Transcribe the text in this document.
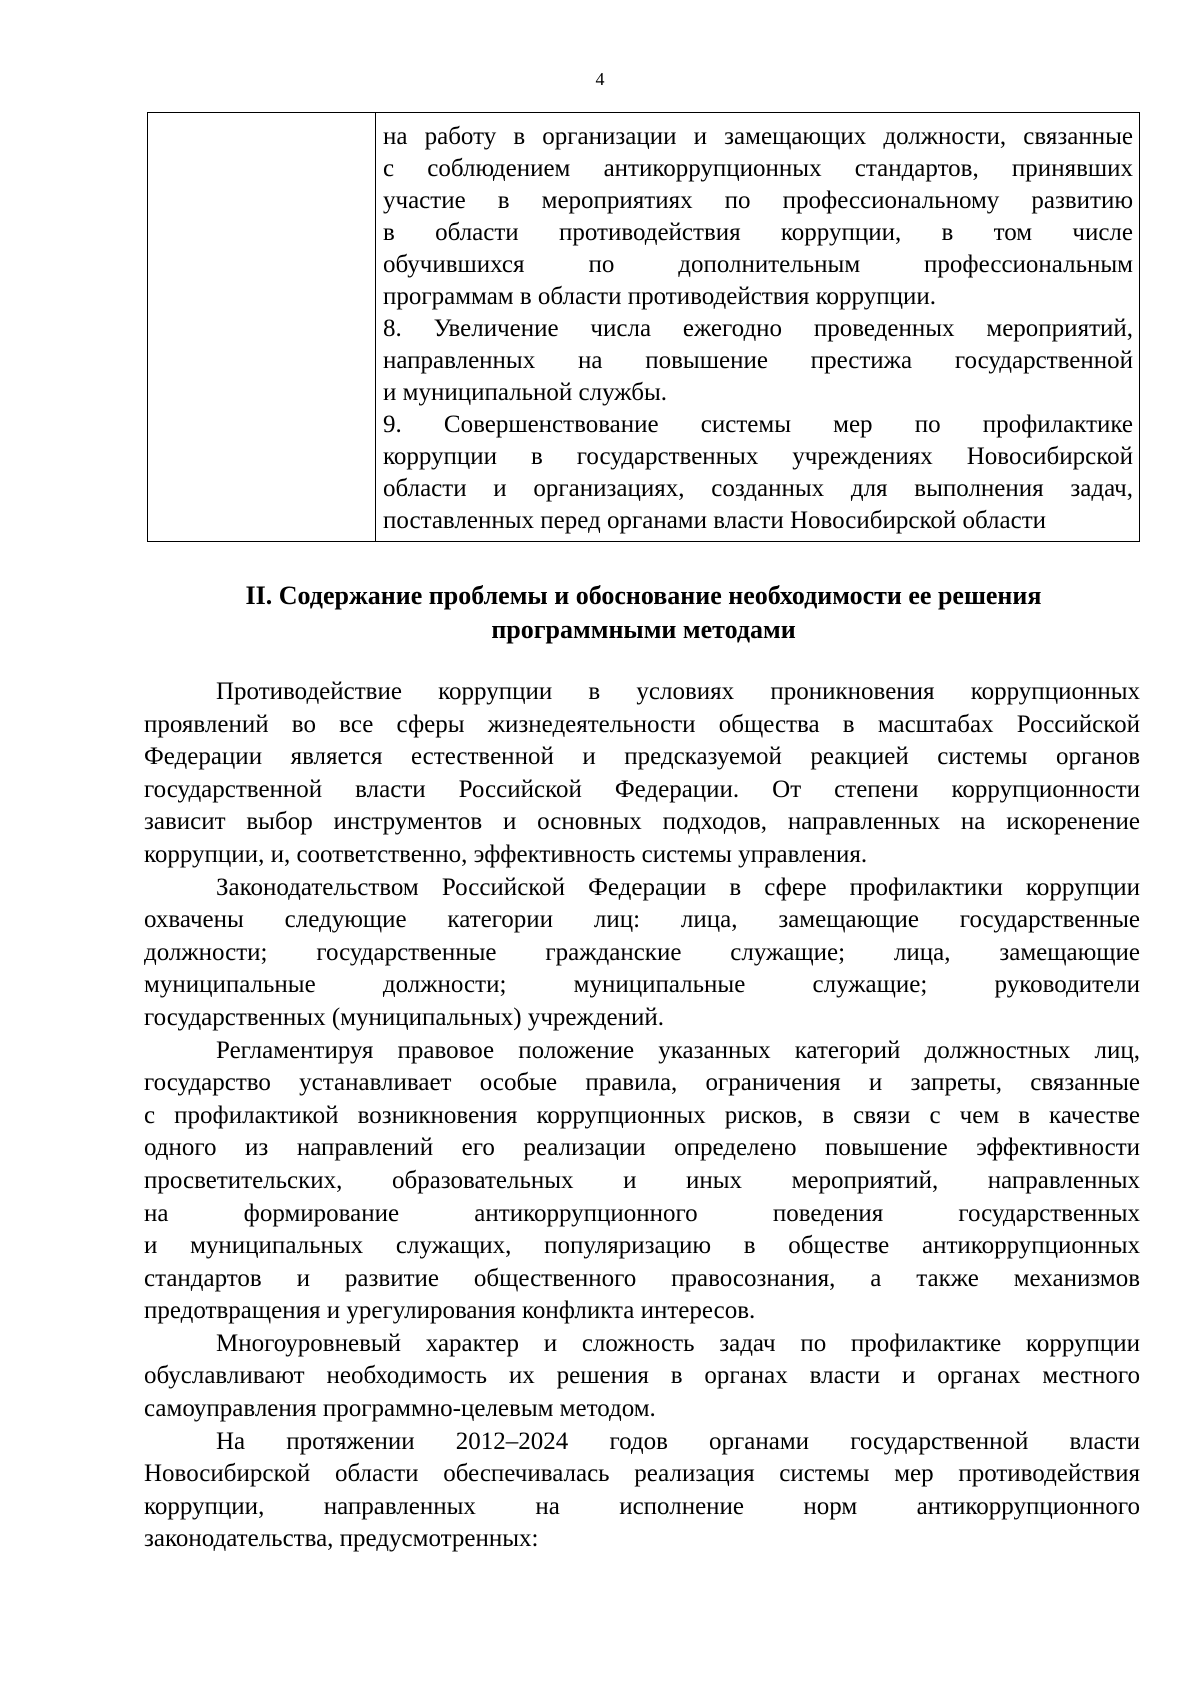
4
на работу в организации и замещающих должности, связанные
с соблюдением антикоррупционных стандартов, принявших
участие в мероприятиях по профессиональному развитию
в области противодействия коррупции, в том числе
обучившихся по дополнительным профессиональным
программам в области противодействия коррупции.
8. Увеличение числа ежегодно проведенных мероприятий,
направленных на повышение престижа государственной
и муниципальной службы.
9. Совершенствование системы мер по профилактике
коррупции в государственных учреждениях Новосибирской
области и организациях, созданных для выполнения задач,
поставленных перед органами власти Новосибирской области
II. Содержание проблемы и обоснование необходимости ее решения
программными методами
Противодействие коррупции в условиях проникновения коррупционных
проявлений во все сферы жизнедеятельности общества в масштабах Российской
Федерации является естественной и предсказуемой реакцией системы органов
государственной власти Российской Федерации. От степени коррупционности
зависит выбор инструментов и основных подходов, направленных на искоренение
коррупции, и, соответственно, эффективность системы управления.
Законодательством Российской Федерации в сфере профилактики коррупции
охвачены следующие категории лиц: лица, замещающие государственные
должности; государственные гражданские служащие; лица, замещающие
муниципальные должности; муниципальные служащие; руководители
государственных (муниципальных) учреждений.
Регламентируя правовое положение указанных категорий должностных лиц,
государство устанавливает особые правила, ограничения и запреты, связанные
с профилактикой возникновения коррупционных рисков, в связи с чем в качестве
одного из направлений его реализации определено повышение эффективности
просветительских, образовательных и иных мероприятий, направленных
на формирование антикоррупционного поведения государственных
и муниципальных служащих, популяризацию в обществе антикоррупционных
стандартов и развитие общественного правосознания, а также механизмов
предотвращения и урегулирования конфликта интересов.
Многоуровневый характер и сложность задач по профилактике коррупции
обуславливают необходимость их решения в органах власти и органах местного
самоуправления программно-целевым методом.
На протяжении 2012–2024 годов органами государственной власти
Новосибирской области обеспечивалась реализация системы мер противодействия
коррупции, направленных на исполнение норм антикоррупционного
законодательства, предусмотренных:
